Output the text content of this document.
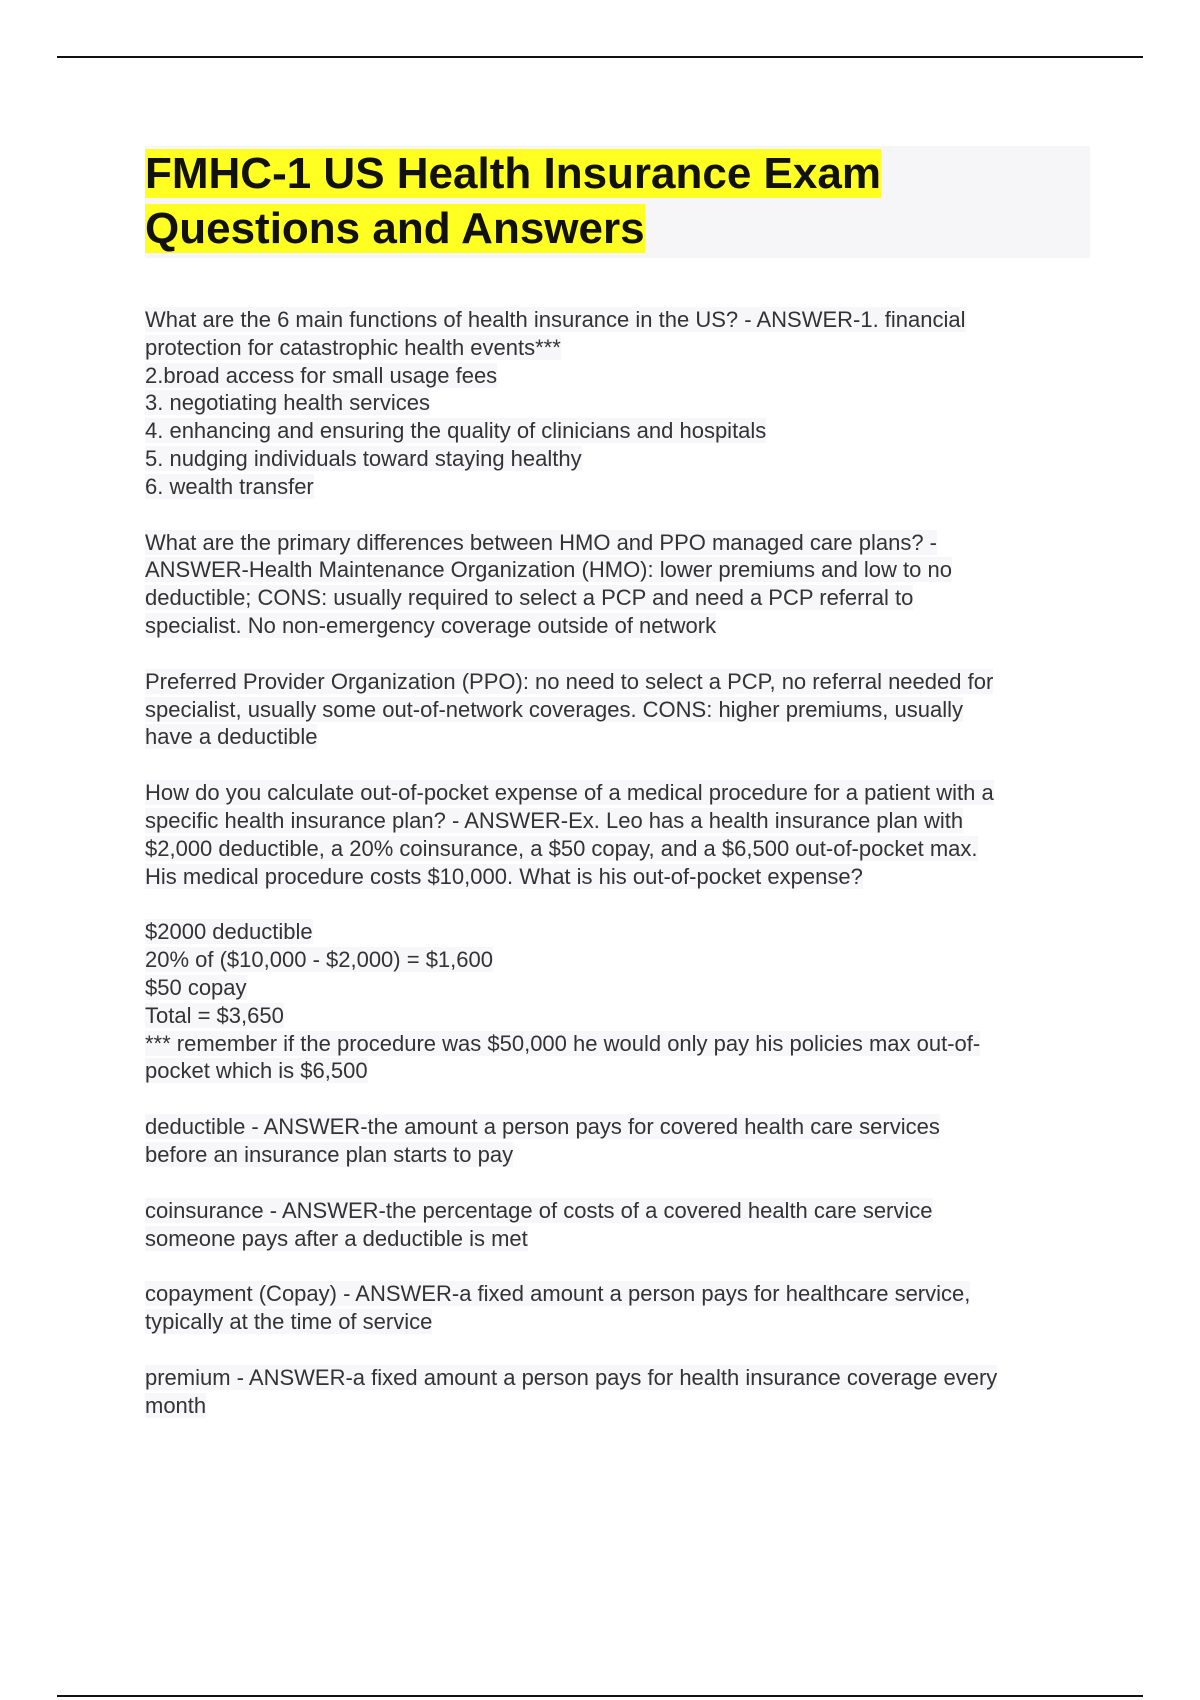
FMHC-1 US Health Insurance Exam
Questions and Answers
What are the 6 main functions of health insurance in the US? - ANSWER-1. financial
protection for catastrophic health events***
2.broad access for small usage fees
3. negotiating health services
4. enhancing and ensuring the quality of clinicians and hospitals
5. nudging individuals toward staying healthy
6. wealth transfer
What are the primary differences between HMO and PPO managed care plans? -
ANSWER-Health Maintenance Organization (HMO): lower premiums and low to no
deductible; CONS: usually required to select a PCP and need a PCP referral to
specialist. No non-emergency coverage outside of network
Preferred Provider Organization (PPO): no need to select a PCP, no referral needed for
specialist, usually some out-of-network coverages. CONS: higher premiums, usually
have a deductible
How do you calculate out-of-pocket expense of a medical procedure for a patient with a
specific health insurance plan? - ANSWER-Ex. Leo has a health insurance plan with
$2,000 deductible, a 20% coinsurance, a $50 copay, and a $6,500 out-of-pocket max.
His medical procedure costs $10,000. What is his out-of-pocket expense?
$2000 deductible
20% of ($10,000 - $2,000) = $1,600
$50 copay
Total = $3,650
*** remember if the procedure was $50,000 he would only pay his policies max out-of-
pocket which is $6,500
deductible - ANSWER-the amount a person pays for covered health care services
before an insurance plan starts to pay
coinsurance - ANSWER-the percentage of costs of a covered health care service
someone pays after a deductible is met
copayment (Copay) - ANSWER-a fixed amount a person pays for healthcare service,
typically at the time of service
premium - ANSWER-a fixed amount a person pays for health insurance coverage every
month
